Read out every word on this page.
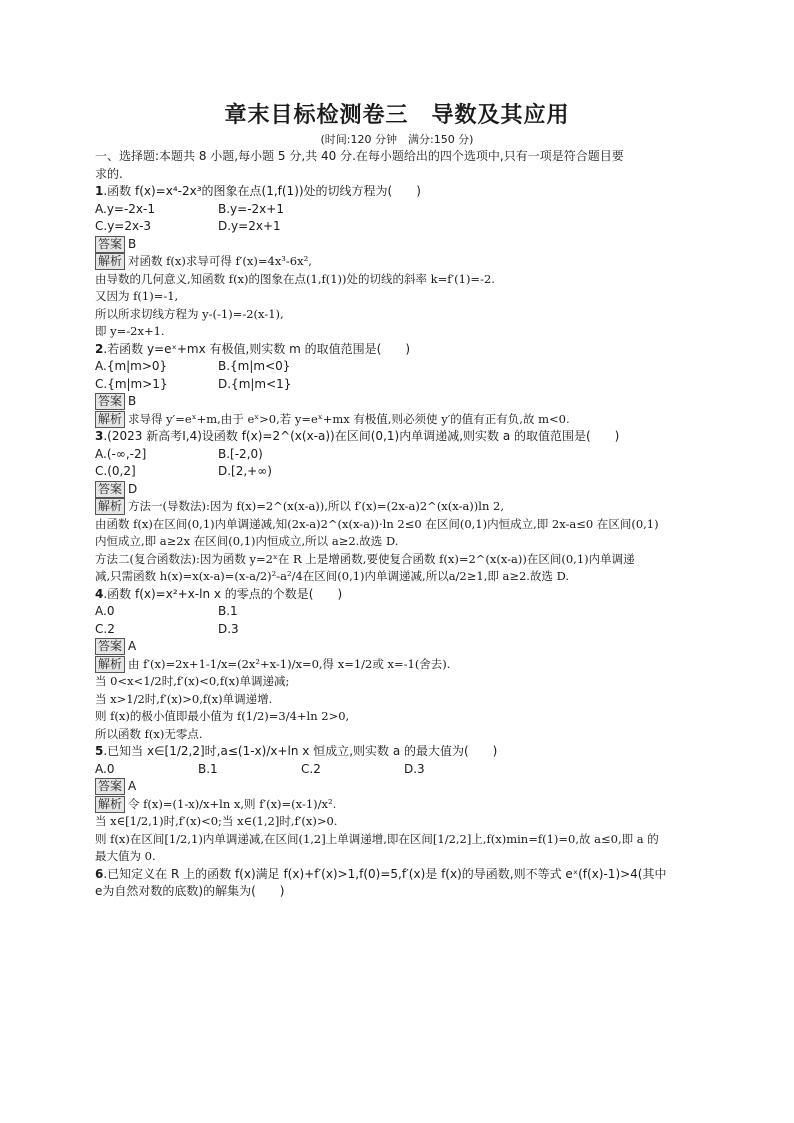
章末目标检测卷三　导数及其应用
(时间:120 分钟　满分:150 分)
一、选择题:本题共 8 小题,每小题 5 分,共 40 分.在每小题给出的四个选项中,只有一项是符合题目要
求的.
1.函数 f(x)=x⁴-2x³的图象在点(1,f(1))处的切线方程为(　　)
A.y=-2x-1	B.y=-2x+1
C.y=2x-3	D.y=2x+1
答案 B
解析 对函数 f(x)求导可得 f′(x)=4x³-6x²,
由导数的几何意义,知函数 f(x)的图象在点(1,f(1))处的切线的斜率 k=f′(1)=-2.
又因为 f(1)=-1,
所以所求切线方程为 y-(-1)=-2(x-1),
即 y=-2x+1.
2.若函数 y=eˣ+mx 有极值,则实数 m 的取值范围是(　　)
A.{m|m>0}	B.{m|m<0}
C.{m|m>1}	D.{m|m<1}
答案 B
解析 求导得 y′=eˣ+m,由于 eˣ>0,若 y=eˣ+mx 有极值,则必须使 y′的值有正有负,故 m<0.
3.(2023 新高考Ⅰ,4)设函数 f(x)=2^(x(x-a))在区间(0,1)内单调递减,则实数 a 的取值范围是(　　)
A.(-∞,-2]	B.[-2,0)
C.(0,2]	D.[2,+∞)
答案 D
解析 方法一(导数法):因为 f(x)=2^(x(x-a)),所以 f′(x)=(2x-a)2^(x(x-a))ln 2,
由函数 f(x)在区间(0,1)内单调递减,知(2x-a)2^(x(x-a))·ln 2≤0 在区间(0,1)内恒成立,即 2x-a≤0 在区间(0,1)
内恒成立,即 a≥2x 在区间(0,1)内恒成立,所以 a≥2.故选 D.
方法二(复合函数法):因为函数 y=2ˣ在 R 上是增函数,要使复合函数 f(x)=2^(x(x-a))在区间(0,1)内单调递
减,只需函数 h(x)=x(x-a)=(x-a/2)²-a²/4在区间(0,1)内单调递减,所以a/2≥1,即 a≥2.故选 D.
4.函数 f(x)=x²+x-ln x 的零点的个数是(　　)
A.0	B.1
C.2	D.3
答案 A
解析 由 f′(x)=2x+1-1/x=(2x²+x-1)/x=0,得 x=1/2或 x=-1(舍去).
当 0<x<1/2时,f′(x)<0,f(x)单调递减;
当 x>1/2时,f′(x)>0,f(x)单调递增.
则 f(x)的极小值即最小值为 f(1/2)=3/4+ln 2>0,
所以函数 f(x)无零点.
5.已知当 x∈[1/2,2]时,a≤(1-x)/x+ln x 恒成立,则实数 a 的最大值为(　　)
A.0	B.1	C.2	D.3
答案 A
解析 令 f(x)=(1-x)/x+ln x,则 f′(x)=(x-1)/x².
当 x∈[1/2,1)时,f′(x)<0;当 x∈(1,2]时,f′(x)>0.
则 f(x)在区间[1/2,1)内单调递减,在区间(1,2]上单调递增,即在区间[1/2,2]上,f(x)min=f(1)=0,故 a≤0,即 a 的
最大值为 0.
6.已知定义在 R 上的函数 f(x)满足 f(x)+f′(x)>1,f(0)=5,f′(x)是 f(x)的导函数,则不等式 eˣ(f(x)-1)>4(其中
e为自然对数的底数)的解集为(　　)
